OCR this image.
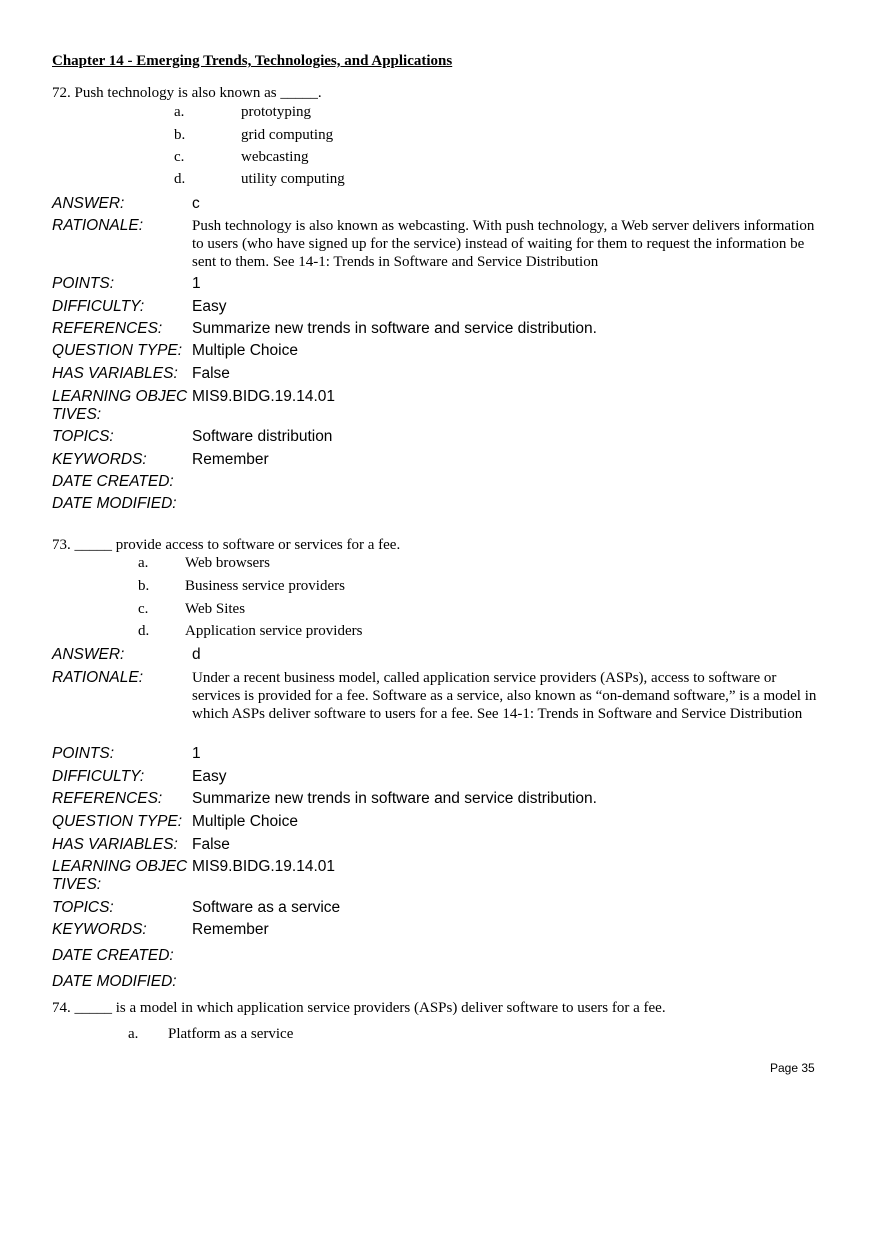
Chapter 14 - Emerging Trends, Technologies, and Applications
72. Push technology is also known as _____.
a.	prototyping
b.	grid computing
c.	webcasting
d.	utility computing
ANSWER:	c
RATIONALE:	Push technology is also known as webcasting. With push technology, a Web server delivers information to users (who have signed up for the service) instead of waiting for them to request the information be sent to them. See 14-1: Trends in Software and Service Distribution
POINTS:	1
DIFFICULTY:	Easy
REFERENCES: Summarize new trends in software and service distribution.
QUESTION TYPE: Multiple Choice
HAS VARIABLES: False
LEARNING OBJECTIVES:
MIS9.BIDG.19.14.01
TOPICS:	Software distribution
KEYWORDS:	Remember
DATE CREATED:
DATE MODIFIED:
73. _____ provide access to software or services for a fee.
a. Web browsers
b. Business service providers
c. Web Sites
d. Application service providers
ANSWER:	d
RATIONALE:	Under a recent business model, called application service providers (ASPs), access to software or services is provided for a fee. Software as a service, also known as “on-demand software,” is a model in which ASPs deliver software to users for a fee. See 14-1: Trends in Software and Service Distribution
POINTS:	1
DIFFICULTY:	Easy
REFERENCES: Summarize new trends in software and service distribution.
QUESTION TYPE: Multiple Choice
HAS VARIABLES: False
LEARNING OBJECTIVES:
MIS9.BIDG.19.14.01
TOPICS:	Software as a service
KEYWORDS:	Remember
DATE CREATED:
DATE MODIFIED:
74. _____ is a model in which application service providers (ASPs) deliver software to users for a fee.
a. Platform as a service
Page 35
